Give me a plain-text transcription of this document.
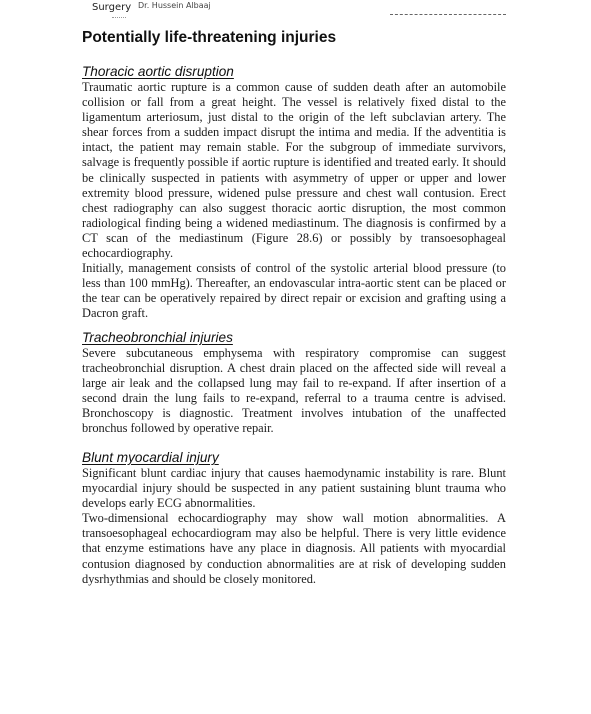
Surgery Dr. Hussein Albaaj
Potentially life-threatening injuries
Thoracic aortic disruption

Traumatic aortic rupture is a common cause of sudden death after an automobile collision or fall from a great height. The vessel is relatively fixed distal to the ligamentum arteriosum, just distal to the origin of the left subclavian artery. The shear forces from a sudden impact disrupt the intima and media. If the adventitia is intact, the patient may remain stable. For the subgroup of immediate survivors, salvage is frequently possible if aortic rupture is identified and treated early. It should be clinically suspected in patients with asymmetry of upper or upper and lower extremity blood pressure, widened pulse pressure and chest wall contusion. Erect chest radiography can also suggest thoracic aortic disruption, the most common radiological finding being a widened mediastinum. The diagnosis is confirmed by a CT scan of the mediastinum (Figure 28.6) or possibly by transoesophageal echocardiography.

Initially, management consists of control of the systolic arterial blood pressure (to less than 100 mmHg). Thereafter, an endovascular intra-aortic stent can be placed or the tear can be operatively repaired by direct repair or excision and grafting using a Dacron graft.

Tracheobronchial injuries

Severe subcutaneous emphysema with respiratory compromise can suggest tracheobronchial disruption. A chest drain placed on the affected side will reveal a large air leak and the collapsed lung may fail to re-expand. If after insertion of a second drain the lung fails to re-expand, referral to a trauma centre is advised. Bronchoscopy is diagnostic. Treatment involves intubation of the unaffected bronchus followed by operative repair.

Blunt myocardial injury

Significant blunt cardiac injury that causes haemodynamic instability is rare. Blunt myocardial injury should be suspected in any patient sustaining blunt trauma who develops early ECG abnormalities.

Two-dimensional echocardiography may show wall motion abnormalities. A transoesophageal echocardiogram may also be helpful. There is very little evidence that enzyme estimations have any place in diagnosis. All patients with myocardial contusion diagnosed by conduction abnormalities are at risk of developing sudden dysrhythmias and should be closely monitored.
